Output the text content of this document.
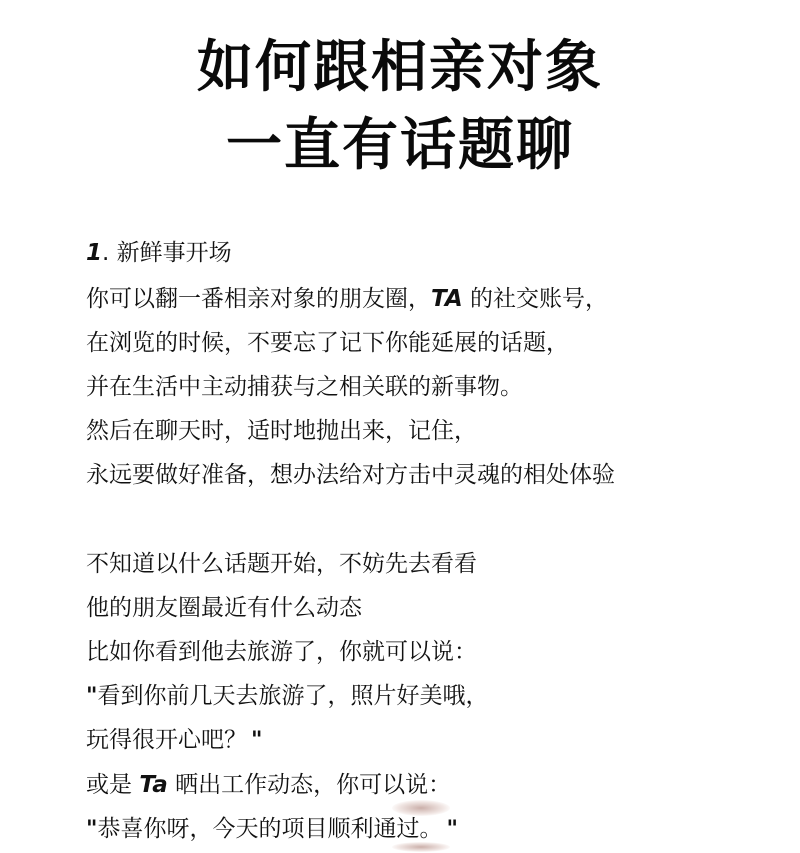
如何跟相亲对象
一直有话题聊
1. 新鲜事开场
你可以翻一番相亲对象的朋友圈，TA 的社交账号，
在浏览的时候，不要忘了记下你能延展的话题，
并在生活中主动捕获与之相关联的新事物。
然后在聊天时，适时地抛出来，记住，
永远要做好准备，想办法给对方击中灵魂的相处体验
不知道以什么话题开始，不妨先去看看
他的朋友圈最近有什么动态
比如你看到他去旅游了，你就可以说：
"看到你前几天去旅游了，照片好美哦，
玩得很开心吧？ "
或是 Ta 晒出工作动态，你可以说：
"恭喜你呀，今天的项目顺利通过。 "
